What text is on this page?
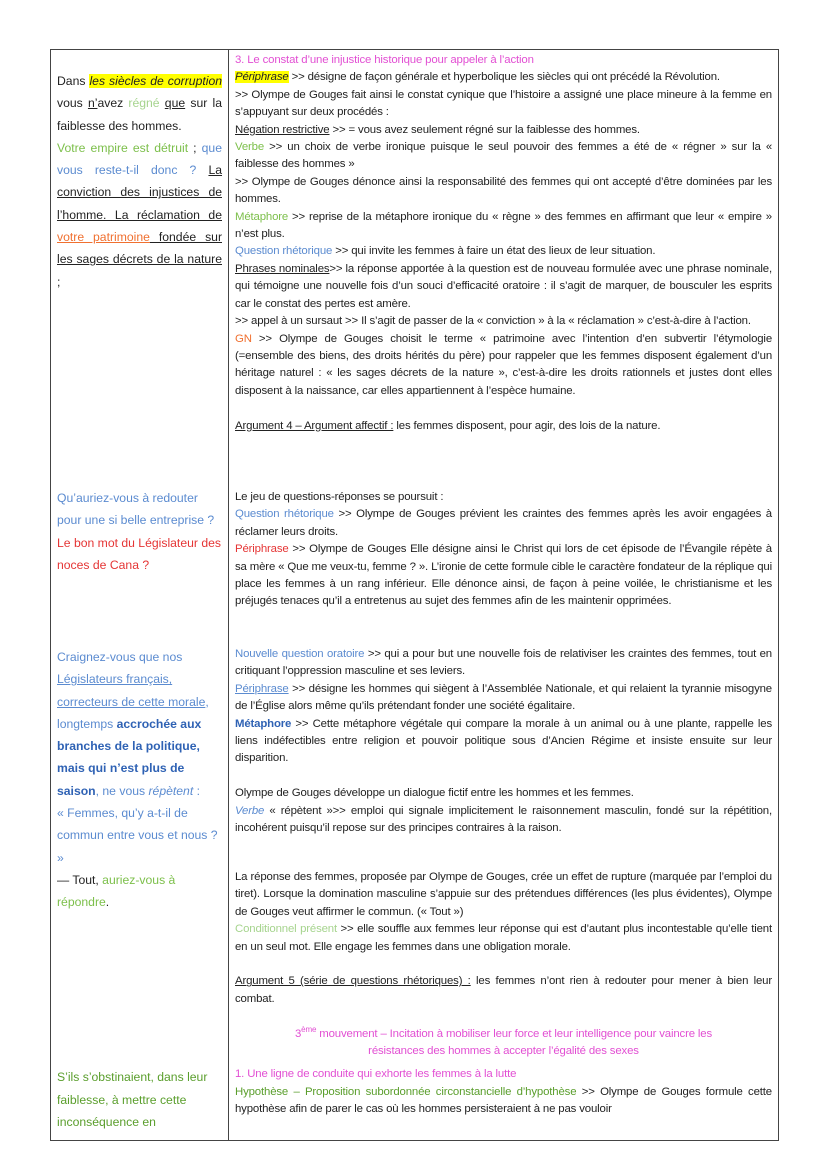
Dans les siècles de corruption vous n’avez régné que sur la faiblesse des hommes.

Votre empire est détruit ; que vous reste-t-il donc ? La conviction des injustices de l’homme. La réclamation de votre patrimoine fondée sur les sages décrets de la nature ;

3. Le constat d’une injustice historique pour appeler à l’action

Périphrase >> désigne de façon générale et hyperbolique les siècles qui ont précédé la Révolution.

>> Olympe de Gouges fait ainsi le constat cynique que l’histoire a assigné une place mineure à la femme en s’appuyant sur deux procédés :

Négation restrictive >> = vous avez seulement régné sur la faiblesse des hommes.

Verbe >> un choix de verbe ironique puisque le seul pouvoir des femmes a été de « régner » sur la « faiblesse des hommes »

>> Olympe de Gouges dénonce ainsi la responsabilité des femmes qui ont accepté d’être dominées par les hommes.

Métaphore >> reprise de la métaphore ironique du « règne » des femmes en affirmant que leur « empire » n’est plus.

Question rhétorique >> qui invite les femmes à faire un état des lieux de leur situation.

Phrases nominales>> la réponse apportée à la question est de nouveau formulée avec une phrase nominale, qui témoigne une nouvelle fois d’un souci d’efficacité oratoire : il s’agit de marquer, de bousculer les esprits car le constat des pertes est amère.

>> appel à un sursaut >> Il s’agit de passer de la « conviction » à la « réclamation » c’est-à-dire à l’action.

GN >> Olympe de Gouges choisit le terme « patrimoine avec l’intention d’en subvertir l’étymologie (=ensemble des biens, des droits hérités du père) pour rappeler que les femmes disposent également d’un héritage naturel : « les sages décrets de la nature », c’est-à-dire les droits rationnels et justes dont elles disposent à la naissance, car elles appartiennent à l’espèce humaine.

Argument 4 – Argument affectif : les femmes disposent, pour agir, des lois de la nature.

Qu’auriez-vous à redouter pour une si belle entreprise ?

Le bon mot du Législateur des noces de Cana ?

Le jeu de questions-réponses se poursuit :

Question rhétorique >> Olympe de Gouges prévient les craintes des femmes après les avoir engagées à réclamer leurs droits.

Périphrase >> Olympe de Gouges Elle désigne ainsi le Christ qui lors de cet épisode de l’Évangile répète à sa mère « Que me veux-tu, femme ? ». L’ironie de cette formule cible le caractère fondateur de la réplique qui place les femmes à un rang inférieur. Elle dénonce ainsi, de façon à peine voilée, le christianisme et les préjugés tenaces qu’il a entretenus au sujet des femmes afin de les maintenir opprimées.

Craignez-vous que nos Législateurs français, correcteurs de cette morale, longtemps accrochée aux branches de la politique, mais qui n’est plus de saison, ne vous répètent :

« Femmes, qu’y a-t-il de commun entre vous et nous ? »

Nouvelle question oratoire >> qui a pour but une nouvelle fois de relativiser les craintes des femmes, tout en critiquant l’oppression masculine et ses leviers.

Périphrase >> désigne les hommes qui siègent à l’Assemblée Nationale, et qui relaient la tyrannie misogyne de l’Église alors même qu’ils prétendant fonder une société égalitaire.

Métaphore >> Cette métaphore végétale qui compare la morale à un animal ou à une plante, rappelle les liens indéfectibles entre religion et pouvoir politique sous d’Ancien Régime et insiste ensuite sur leur disparition.

Olympe de Gouges développe un dialogue fictif entre les hommes et les femmes.

Verbe « répètent »>> emploi qui signale implicitement le raisonnement masculin, fondé sur la répétition, incohérent puisqu’il repose sur des principes contraires à la raison.

— Tout, auriez-vous à répondre.

La réponse des femmes, proposée par Olympe de Gouges, crée un effet de rupture (marquée par l’emploi du tiret). Lorsque la domination masculine s’appuie sur des prétendues différences (les plus évidentes), Olympe de Gouges veut affirmer le commun. (« Tout »)

Conditionnel présent >> elle souffle aux femmes leur réponse qui est d’autant plus incontestable qu’elle tient en un seul mot. Elle engage les femmes dans une obligation morale.

Argument 5 (série de questions rhétoriques) : les femmes n’ont rien à redouter pour mener à bien leur combat.

3ème mouvement – Incitation à mobiliser leur force et leur intelligence pour vaincre les résistances des hommes à accepter l’égalité des sexes

S’ils s’obstinaient, dans leur faiblesse, à mettre cette inconséquence en

1. Une ligne de conduite qui exhorte les femmes à la lutte

Hypothèse – Proposition subordonnée circonstancielle d’hypothèse >> Olympe de Gouges formule cette hypothèse afin de parer le cas où les hommes persisteraient à ne pas vouloir
